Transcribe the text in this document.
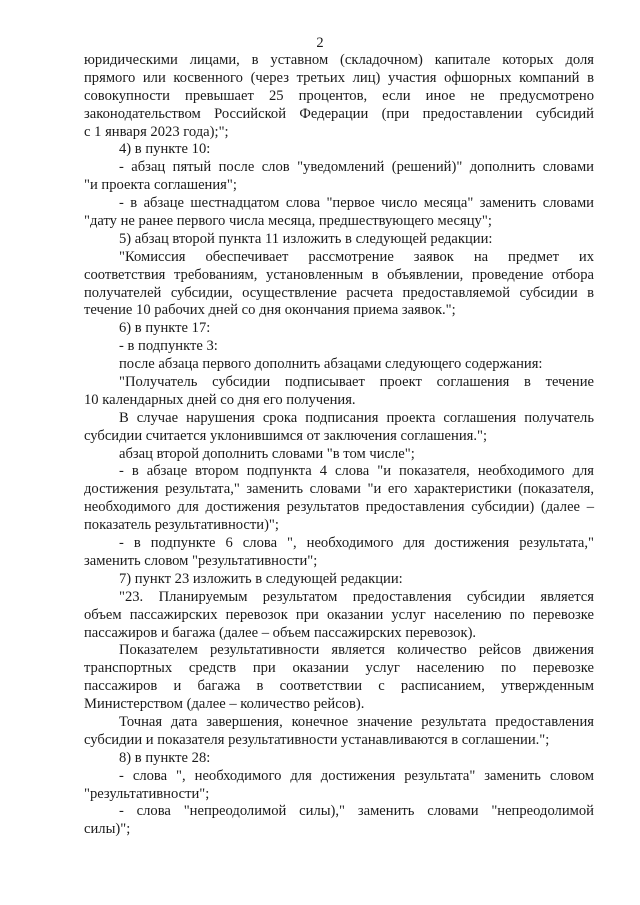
2
юридическими лицами, в уставном (складочном) капитале которых доля
прямого или косвенного (через третьих лиц) участия офшорных компаний в
совокупности превышает 25 процентов, если иное не предусмотрено
законодательством Российской Федерации (при предоставлении субсидий
с 1 января 2023 года);";
4) в пункте 10:
- абзац пятый после слов "уведомлений (решений)" дополнить словами
"и проекта соглашения";
- в абзаце шестнадцатом слова "первое число месяца" заменить словами
"дату не ранее первого числа месяца, предшествующего месяцу";
5) абзац второй пункта 11 изложить в следующей редакции:
"Комиссия обеспечивает рассмотрение заявок на предмет их
соответствия требованиям, установленным в объявлении, проведение отбора
получателей субсидии, осуществление расчета предоставляемой субсидии в
течение 10 рабочих дней со дня окончания приема заявок.";
6) в пункте 17:
- в подпункте 3:
после абзаца первого дополнить абзацами следующего содержания:
"Получатель субсидии подписывает проект соглашения в течение
10 календарных дней со дня его получения.
В случае нарушения срока подписания проекта соглашения получатель
субсидии считается уклонившимся от заключения соглашения.";
абзац второй дополнить словами "в том числе";
- в абзаце втором подпункта 4 слова "и показателя, необходимого для
достижения результата," заменить словами "и его характеристики (показателя,
необходимого для достижения результатов предоставления субсидии) (далее –
показатель результативности)";
- в подпункте 6 слова ", необходимого для достижения результата,"
заменить словом "результативности";
7) пункт 23 изложить в следующей редакции:
"23. Планируемым результатом предоставления субсидии является
объем пассажирских перевозок при оказании услуг населению по перевозке
пассажиров и багажа (далее – объем пассажирских перевозок).
Показателем результативности является количество рейсов движения
транспортных средств при оказании услуг населению по перевозке
пассажиров и багажа в соответствии с расписанием, утвержденным
Министерством (далее – количество рейсов).
Точная дата завершения, конечное значение результата предоставления
субсидии и показателя результативности устанавливаются в соглашении.";
8) в пункте 28:
- слова ", необходимого для достижения результата" заменить словом
"результативности";
- слова "непреодолимой силы)," заменить словами "непреодолимой
силы)";
